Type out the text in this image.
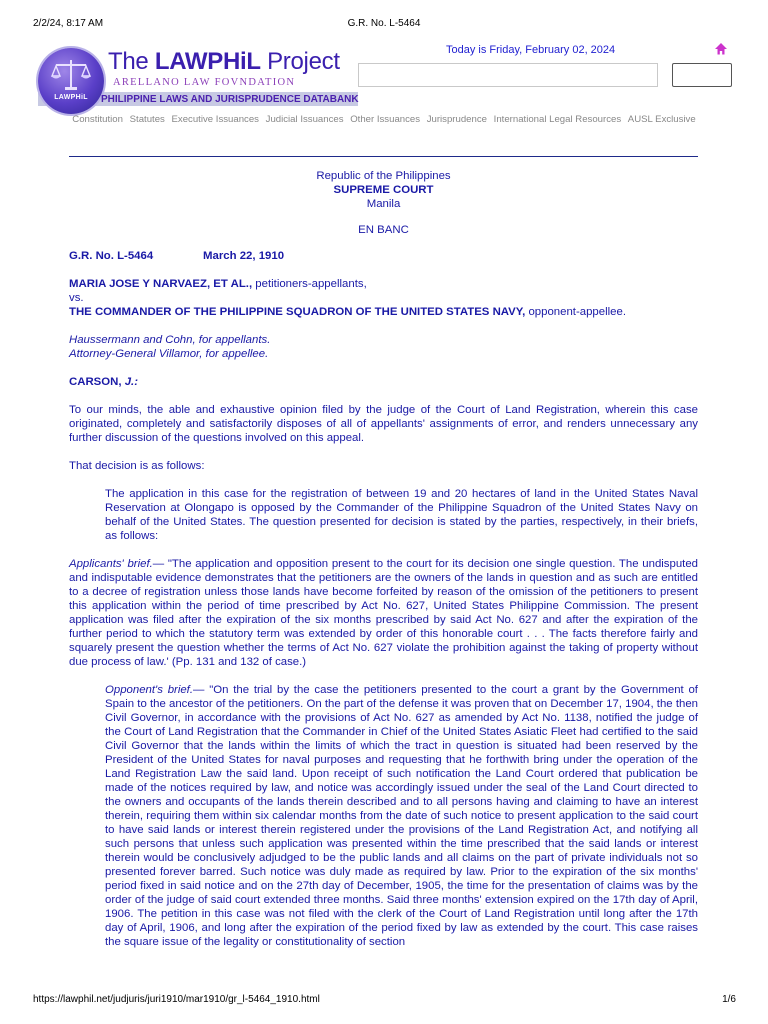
2/2/24, 8:17 AM	G.R. No. L-5464
LAWPHiL
The LAWPHiL Project
ARELLANO LAW FOVNDATION
PHILIPPINE LAWS AND JURISPRUDENCE DATABANK
Today is Friday, February 02, 2024
Constitution Statutes Executive Issuances Judicial Issuances Other Issuances Jurisprudence International Legal Resources AUSL Exclusive

Republic of the Philippines

SUPREME COURT

Manila

EN BANC

G.R. No. L-5464	March 22, 1910

MARIA JOSE Y NARVAEZ, ET AL., petitioners-appellants,

vs.

THE COMMANDER OF THE PHILIPPINE SQUADRON OF THE UNITED STATES NAVY, opponent-appellee.

Haussermann and Cohn, for appellants.

Attorney-General Villamor, for appellee.

CARSON, J.:

To our minds, the able and exhaustive opinion filed by the judge of the Court of Land Registration, wherein this case originated, completely and satisfactorily disposes of all of appellants' assignments of error, and renders unnecessary any further discussion of the questions involved on this appeal.

That decision is as follows:

The application in this case for the registration of between 19 and 20 hectares of land in the United States Naval Reservation at Olongapo is opposed by the Commander of the Philippine Squadron of the United States Navy on behalf of the United States. The question presented for decision is stated by the parties, respectively, in their briefs, as follows:

Applicants' brief.— "The application and opposition present to the court for its decision one single question. The undisputed and indisputable evidence demonstrates that the petitioners are the owners of the lands in question and as such are entitled to a decree of registration unless those lands have become forfeited by reason of the omission of the petitioners to present this application within the period of time prescribed by Act No. 627, United States Philippine Commission. The present application was filed after the expiration of the six months prescribed by said Act No. 627 and after the expiration of the further period to which the statutory term was extended by order of this honorable court . . . The facts therefore fairly and squarely present the question whether the terms of Act No. 627 violate the prohibition against the taking of property without due process of law.' (Pp. 131 and 132 of case.)

Opponent's brief.— "On the trial by the case the petitioners presented to the court a grant by the Government of Spain to the ancestor of the petitioners. On the part of the defense it was proven that on December 17, 1904, the then Civil Governor, in accordance with the provisions of Act No. 627 as amended by Act No. 1138, notified the judge of the Court of Land Registration that the Commander in Chief of the United States Asiatic Fleet had certified to the said Civil Governor that the lands within the limits of which the tract in question is situated had been reserved by the President of the United States for naval purposes and requesting that he forthwith bring under the operation of the Land Registration Law the said land. Upon receipt of such notification the Land Court ordered that publication be made of the notices required by law, and notice was accordingly issued under the seal of the Land Court directed to the owners and occupants of the lands therein described and to all persons having and claiming to have an interest therein, requiring them within six calendar months from the date of such notice to present application to the said court to have said lands or interest therein registered under the provisions of the Land Registration Act, and notifying all such persons that unless such application was presented within the time prescribed that the said lands or interest therein would be conclusively adjudged to be the public lands and all claims on the part of private individuals not so presented forever barred. Such notice was duly made as required by law. Prior to the expiration of the six months' period fixed in said notice and on the 27th day of December, 1905, the time for the presentation of claims was by the order of the judge of said court extended three months. Said three months' extension expired on the 17th day of April, 1906. The petition in this case was not filed with the clerk of the Court of Land Registration until long after the 17th day of April, 1906, and long after the expiration of the period fixed by law as extended by the court. This case raises the square issue of the legality or constitutionality of section

https://lawphil.net/judjuris/juri1910/mar1910/gr_l-5464_1910.html	1/6
